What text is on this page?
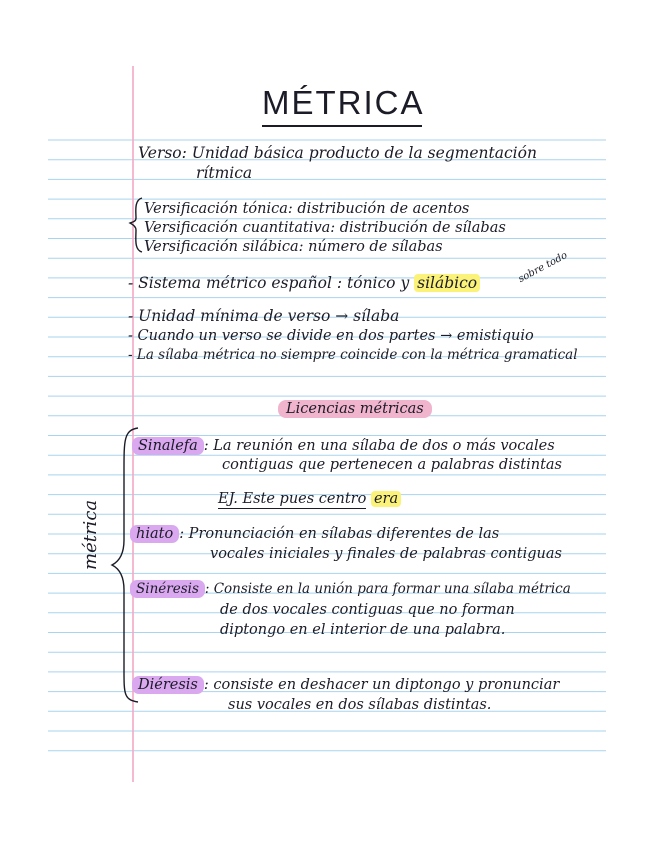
MÉTRICA
Verso: Unidad básica producto de la segmentación
rítmica
Versificación tónica: distribución de acentos
Versificación cuantitativa: distribución de sílabas
Versificación silábica: número de sílabas
- Sistema métrico español : tónico y silábico	sobre todo
- Unidad mínima de verso → sílaba
- Cuando un verso se divide en dos partes → emistiquio
- La sílaba métrica no siempre coincide con la métrica gramatical
Licencias métricas
métrica
Sinalefa : La reunión en una sílaba de dos o más vocales
contiguas que pertenecen a palabras distintas
EJ. Este pues centro era
hiato : Pronunciación en sílabas diferentes de las
vocales iniciales y finales de palabras contiguas
Sinéresis : Consiste en la unión para formar una sílaba métrica
de dos vocales contiguas que no forman
diptongo en el interior de una palabra.
Diéresis : consiste en deshacer un diptongo y pronunciar
sus vocales en dos sílabas distintas.
